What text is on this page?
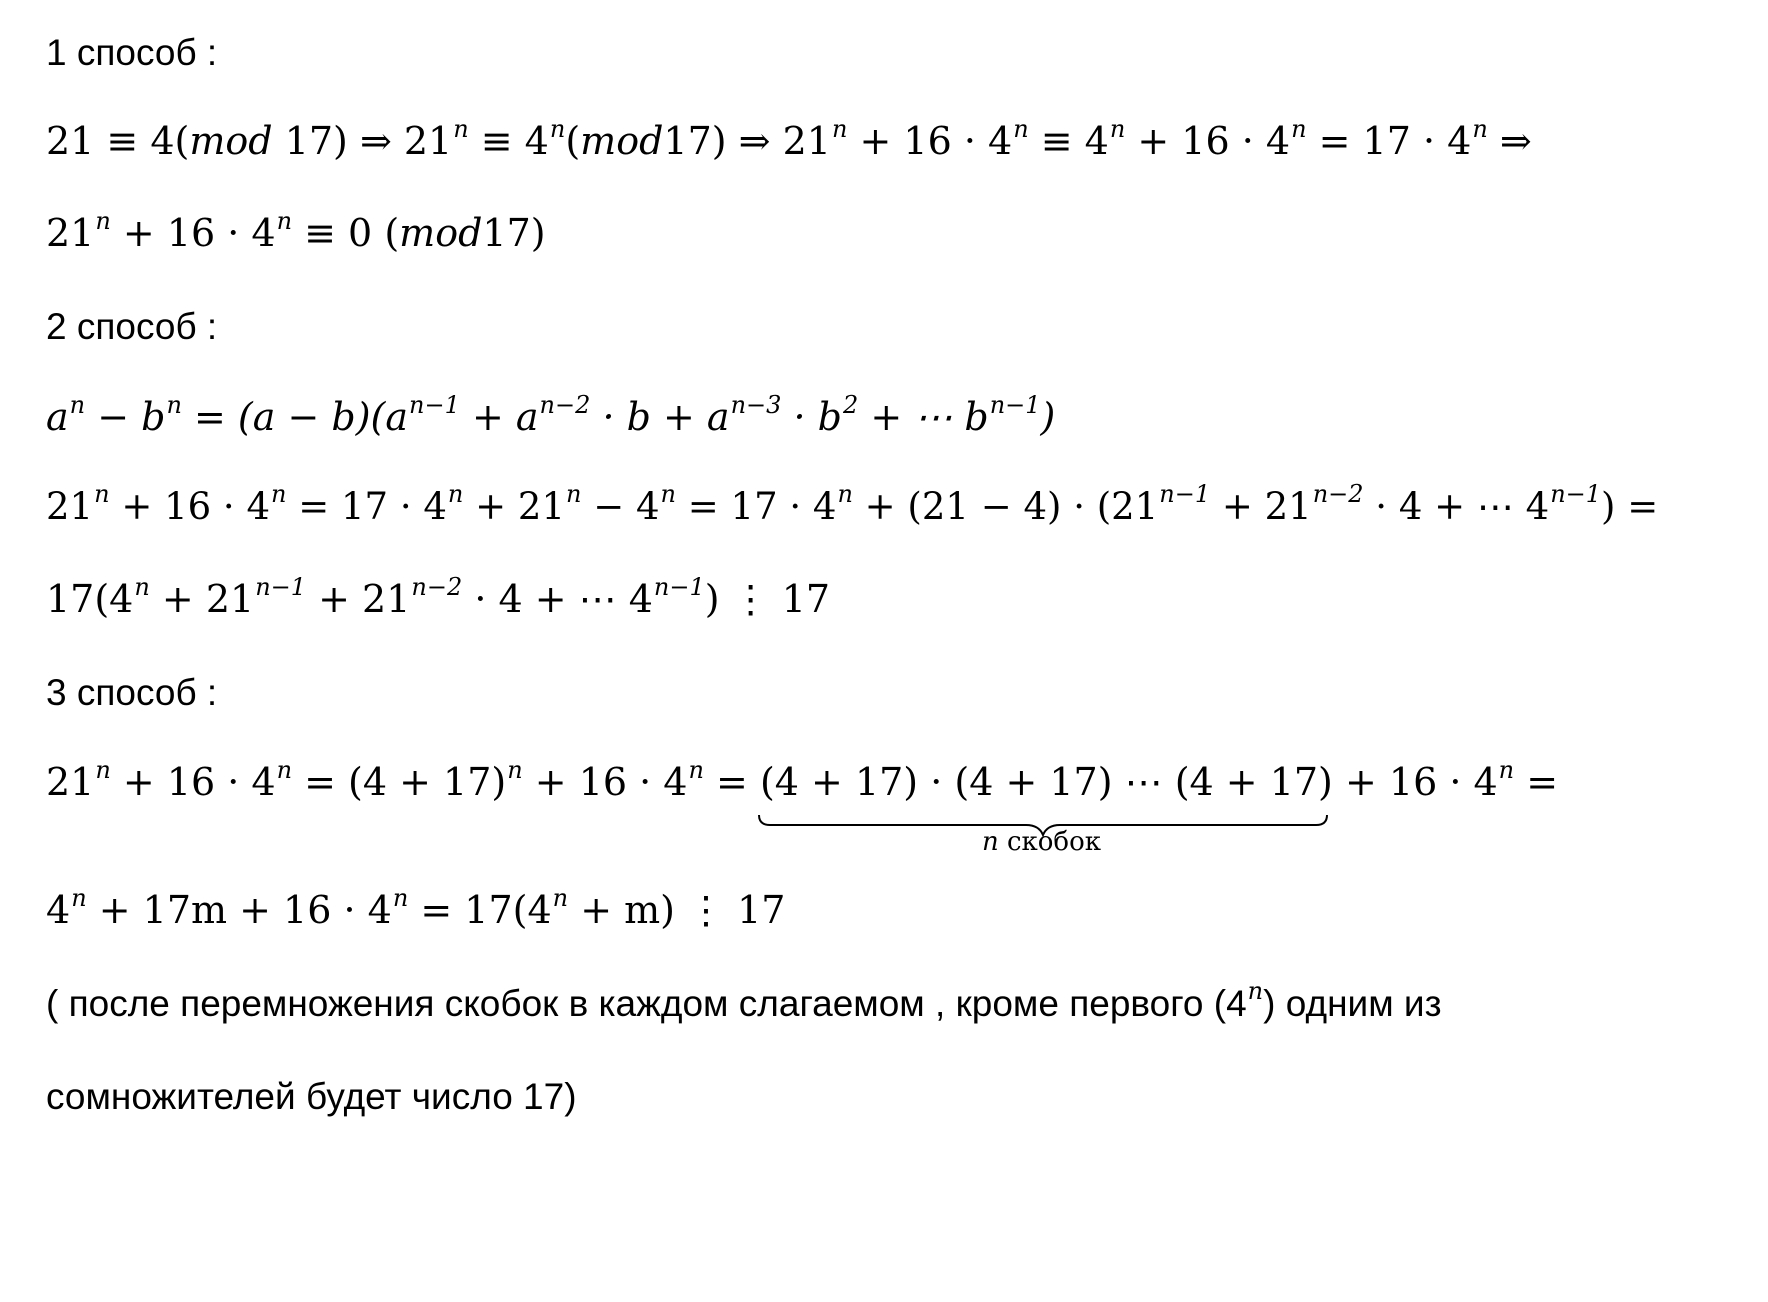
1 способ :
21 ≡ 4(mod 17) ⇒ $21^n \equiv 4^n(mod17)$ ⇒ $21^n + 16 \cdot 4^n \equiv 4^n + 16 \cdot 4^n = 17 \cdot 4^n$ ⇒
$21^n + 16 \cdot 4^n \equiv 0$ (mod17)
2 способ :
$a^n - b^n = (a - b)(a^{n-1} + a^{n-2} \cdot b + a^{n-3} \cdot b^2$ + ⋯ $b^{n-1}$)
$21^n + 16 \cdot 4^n = 17 \cdot 4^n + 21^n - 4^n = 17 \cdot 4^n + (21 - 4) \cdot (21^{n-1} + 21^{n-2} \cdot 4$ + ⋯ $4^{n-1}$) =
$17(4^n + 21^{n-1} + 21^{n-2} \cdot 4$ + ⋯ $4^{n-1}$) ⋮ 17
3 способ :
$21^n + 16 \cdot 4^n = (4 + 17)^n + 16 \cdot 4^n = (4 + 17) \cdot (4 + 17)$ ⋯ (4 + 17)
n скобок
+ $16 \cdot 4^n$ =
$4^n + 17m + 16 \cdot 4^n = 17(4^n + m)$ ⋮ 17
( после перемножения скобок в каждом слагаемом , кроме первого (4$^n$) одним из
сомножителей будет число 17)
